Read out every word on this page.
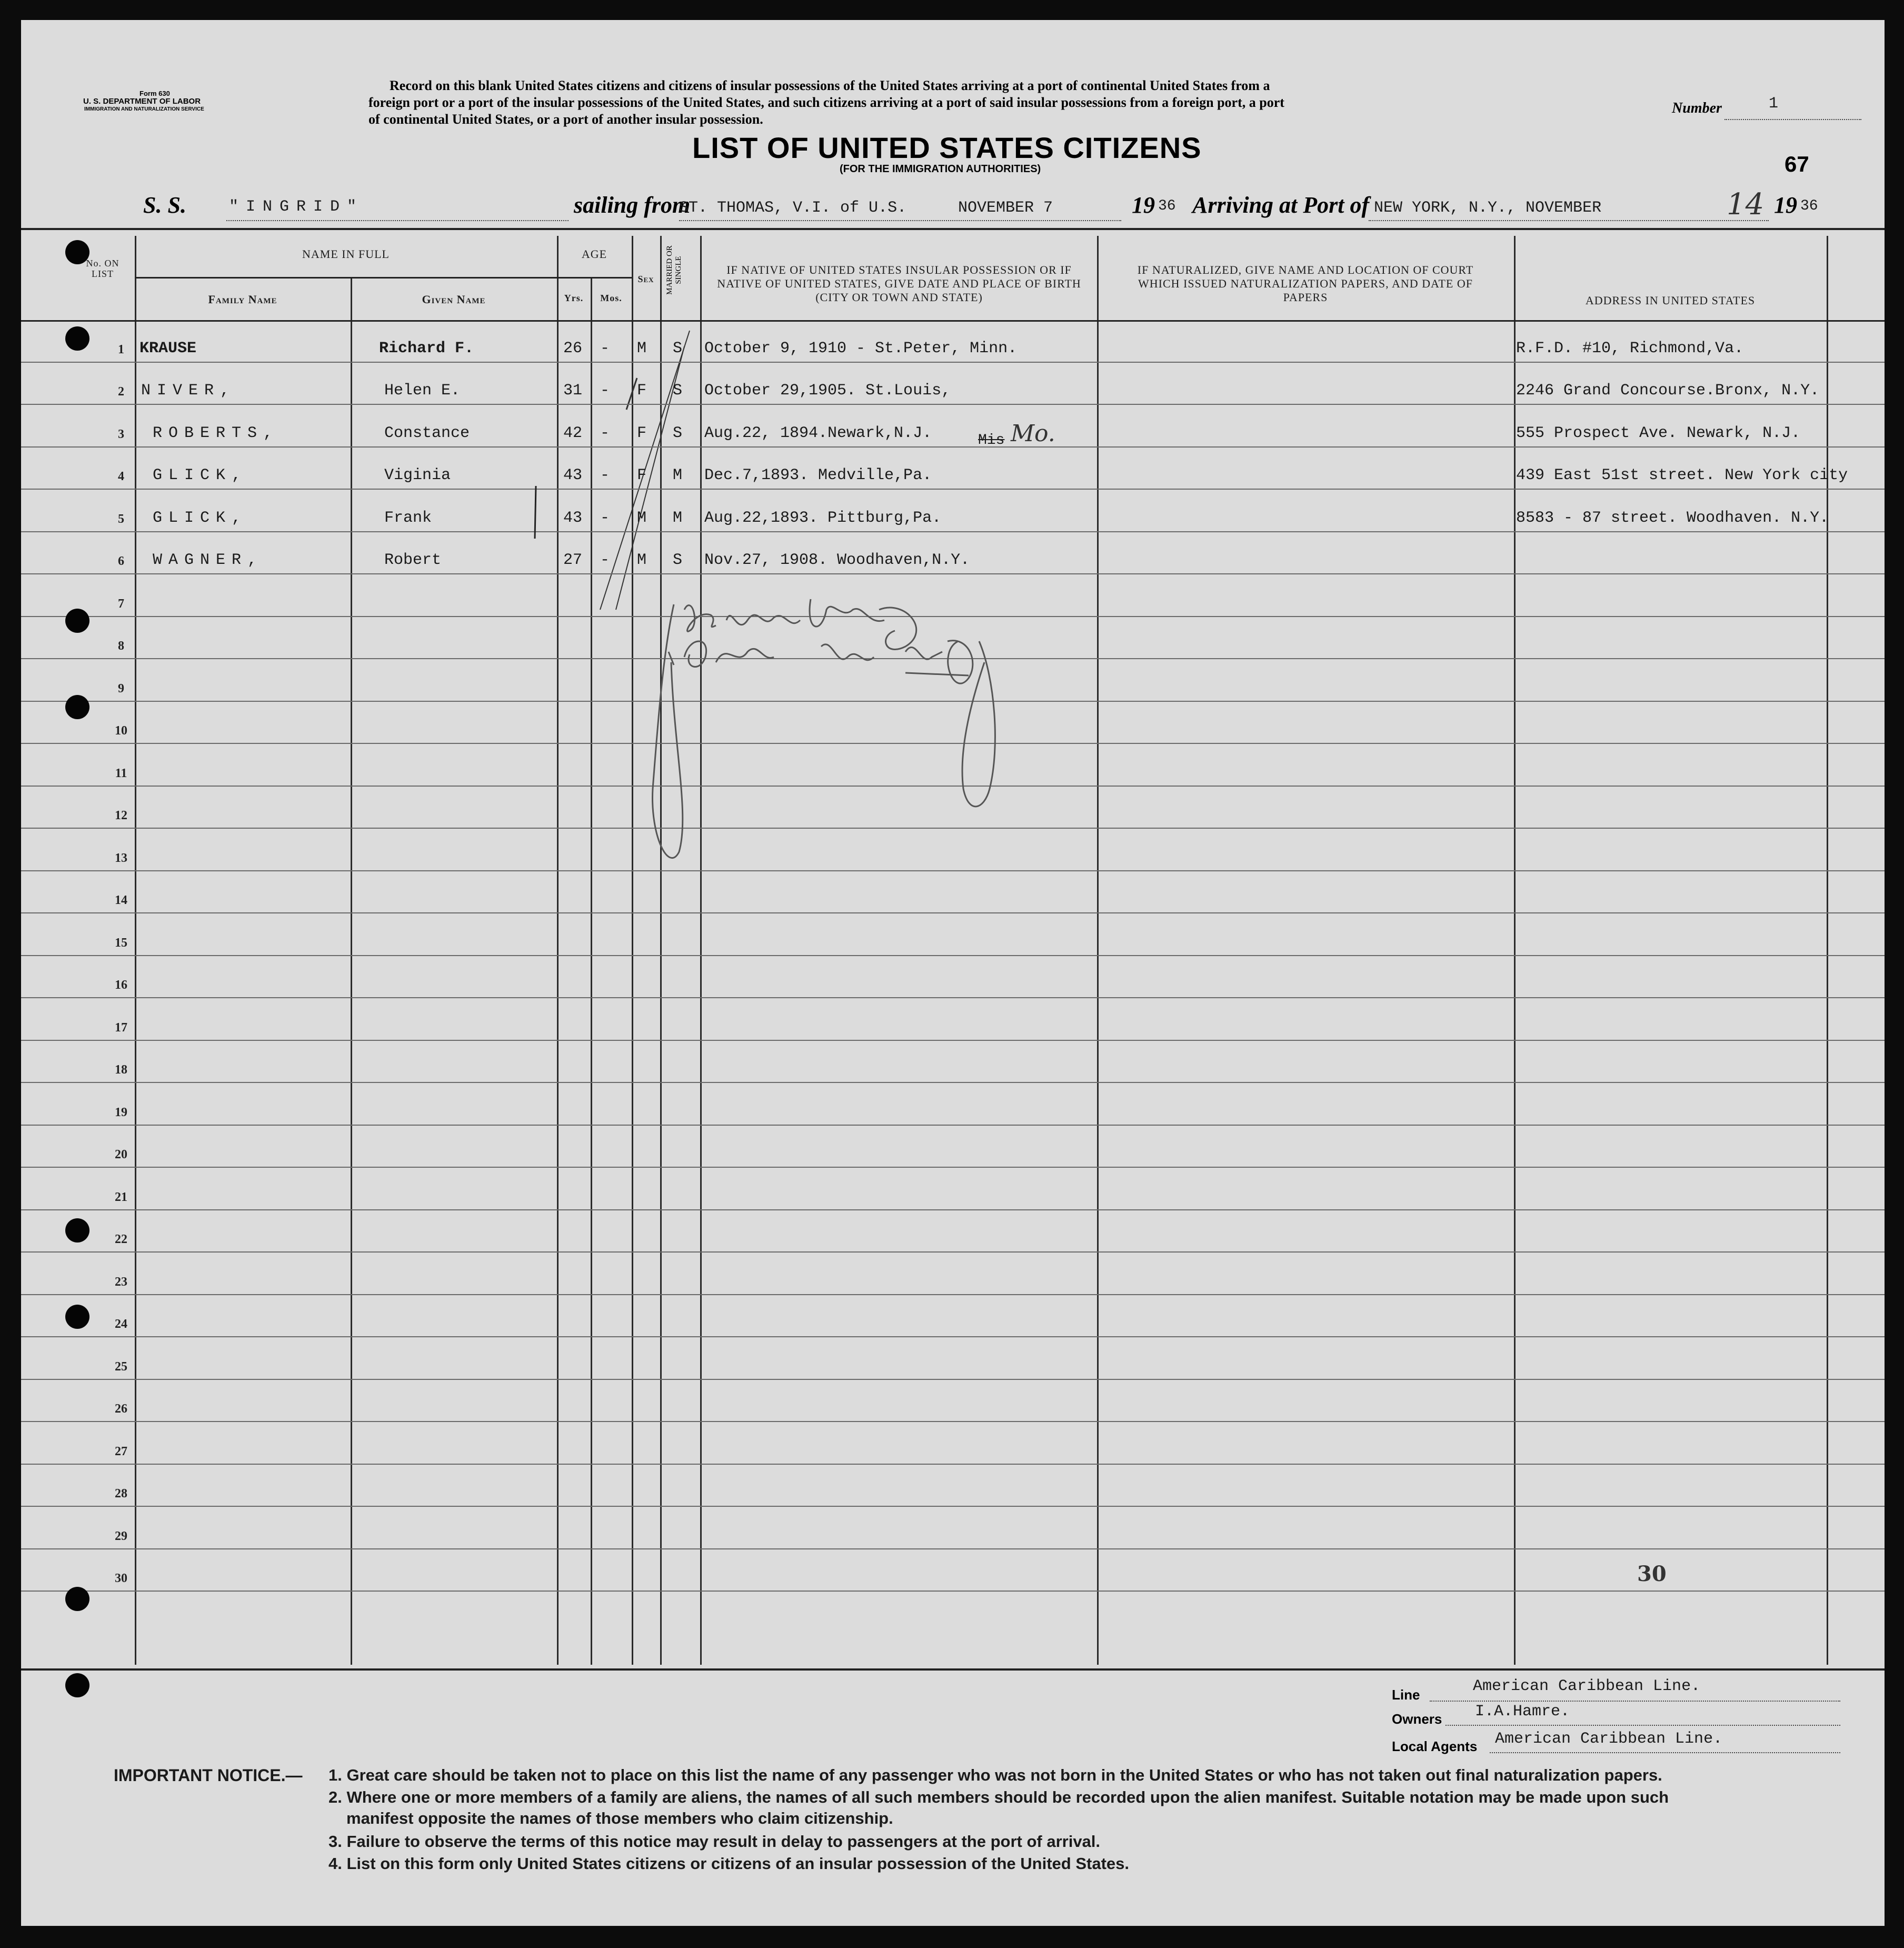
Form 630
U. S. DEPARTMENT OF LABOR
IMMIGRATION AND NATURALIZATION SERVICE
Record on this blank United States citizens and citizens of insular possessions of the United States arriving at a port of continental United States from a
foreign port or a port of the insular possessions of the United States, and such citizens arriving at a port of said insular possessions from a foreign port, a port
of continental United States, or a port of another insular possession.
Number	1
LIST OF UNITED STATES CITIZENS
(FOR THE IMMIGRATION AUTHORITIES)	67
S. S.	"INGRID"	sailing from
ST. THOMAS, V.I. of U.S.	NOVEMBER 7	19 36 Arriving at Port of NEW YORK, N.Y., NOVEMBER	14 19 36
No. ON LIST
NAME IN FULL
Family Name	Given Name
AGE
Yrs.	Mos.
Sex	MARRIED OR SINGLE	IF NATIVE OF UNITED STATES INSULAR POSSESSION OR IF NATIVE OF UNITED STATES, GIVE DATE AND PLACE OF BIRTH (CITY OR TOWN AND STATE)
IF NATURALIZED, GIVE NAME AND LOCATION OF COURT WHICH ISSUED NATURALIZATION PAPERS, AND DATE OF PAPERS	ADDRESS IN UNITED STATES
1
2
3
4
5
6
7
8
9
10
11
12
13
14
15
16
17
18
19
20
21
22
23
24
25
26
27
28
29
30
KRAUSE	Richard F.	26 - M S October 9, 1910 - St.Peter, Minn.	R.F.D. #10, Richmond,Va.
NIVER,	Helen E.	31 - F S October 29,1905. St.Louis,	2246 Grand Concourse.Bronx, N.Y.
ROBERTS,	Constance	42 - F S Aug.22, 1894.Newark,N.J.	555 Prospect Ave. Newark, N.J.
GLICK,	Viginia	43 - F M Dec.7,1893. Medville,Pa.	439 East 51st street. New York city
GLICK,	Frank	43 - M M Aug.22,1893. Pittburg,Pa.	8583 - 87 street. Woodhaven. N.Y.
WAGNER,	Robert	27 - M S Nov.27, 1908. Woodhaven,N.Y.
Mis Mo.
30
Line	American Caribbean Line.
Owners I.A.Hamre.
Local Agents American Caribbean Line.
IMPORTANT NOTICE.— 1. Great care should be taken not to place on this list the name of any passenger who was not born in the United States or who has not taken out final naturalization papers.
2. Where one or more members of a family are aliens, the names of all such members should be recorded upon the alien manifest. Suitable notation may be made upon such
manifest opposite the names of those members who claim citizenship.
3. Failure to observe the terms of this notice may result in delay to passengers at the port of arrival.
4. List on this form only United States citizens or citizens of an insular possession of the United States.
